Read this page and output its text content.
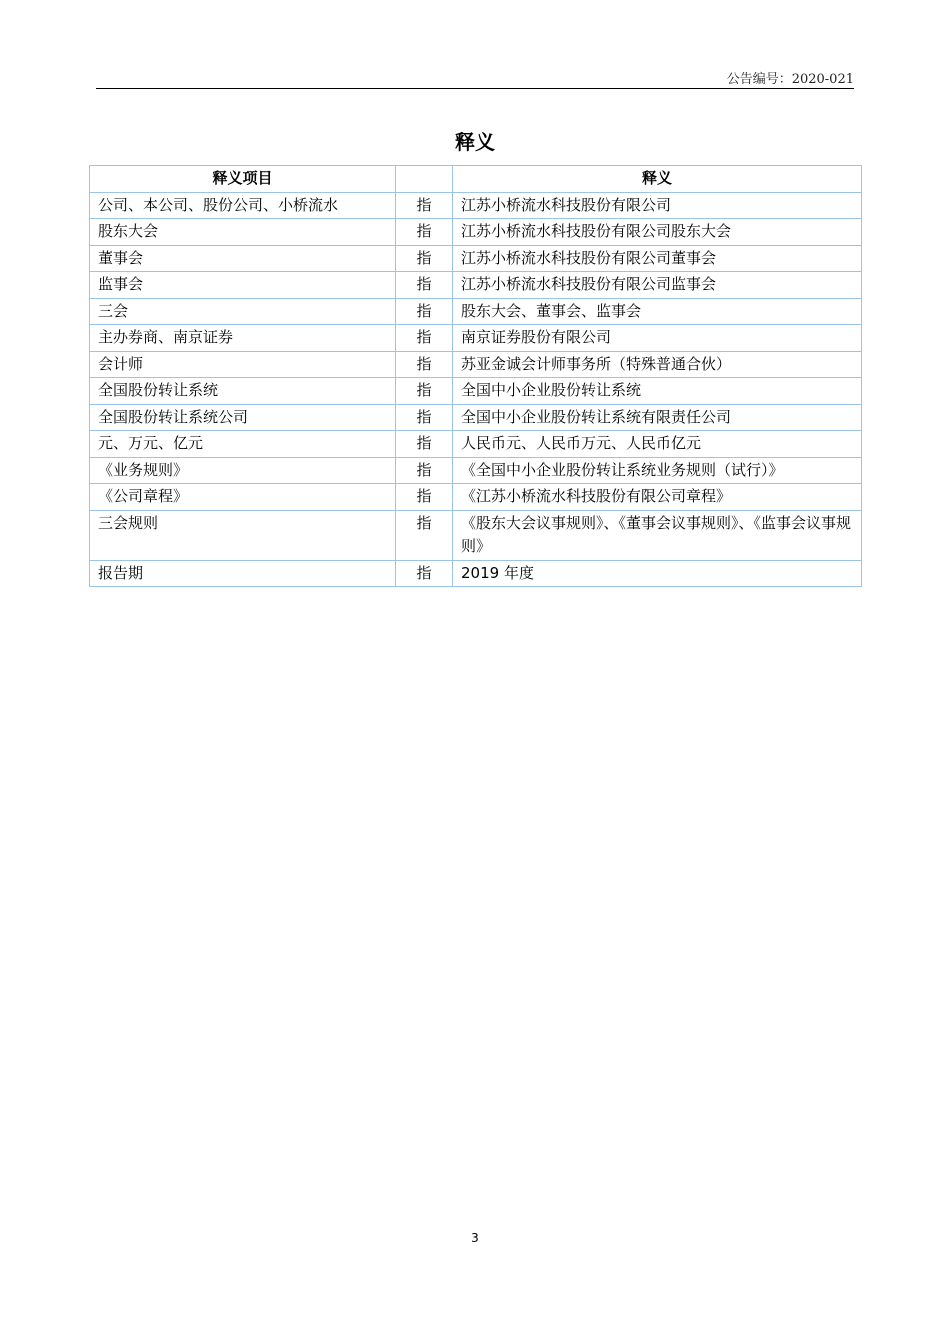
公告编号：2020-021
释义
释义项目		释义
公司、本公司、股份公司、小桥流水	指	江苏小桥流水科技股份有限公司
股东大会	指	江苏小桥流水科技股份有限公司股东大会
董事会	指	江苏小桥流水科技股份有限公司董事会
监事会	指	江苏小桥流水科技股份有限公司监事会
三会	指	股东大会、董事会、监事会
主办券商、南京证券	指	南京证券股份有限公司
会计师	指	苏亚金诚会计师事务所（特殊普通合伙）
全国股份转让系统	指	全国中小企业股份转让系统
全国股份转让系统公司	指	全国中小企业股份转让系统有限责任公司
元、万元、亿元	指	人民币元、人民币万元、人民币亿元
《业务规则》	指	《全国中小企业股份转让系统业务规则（试行）》
《公司章程》	指	《江苏小桥流水科技股份有限公司章程》
三会规则	指	《股东大会议事规则》、《董事会议事规则》、《监事会议事规则》
报告期	指	2019 年度
3
